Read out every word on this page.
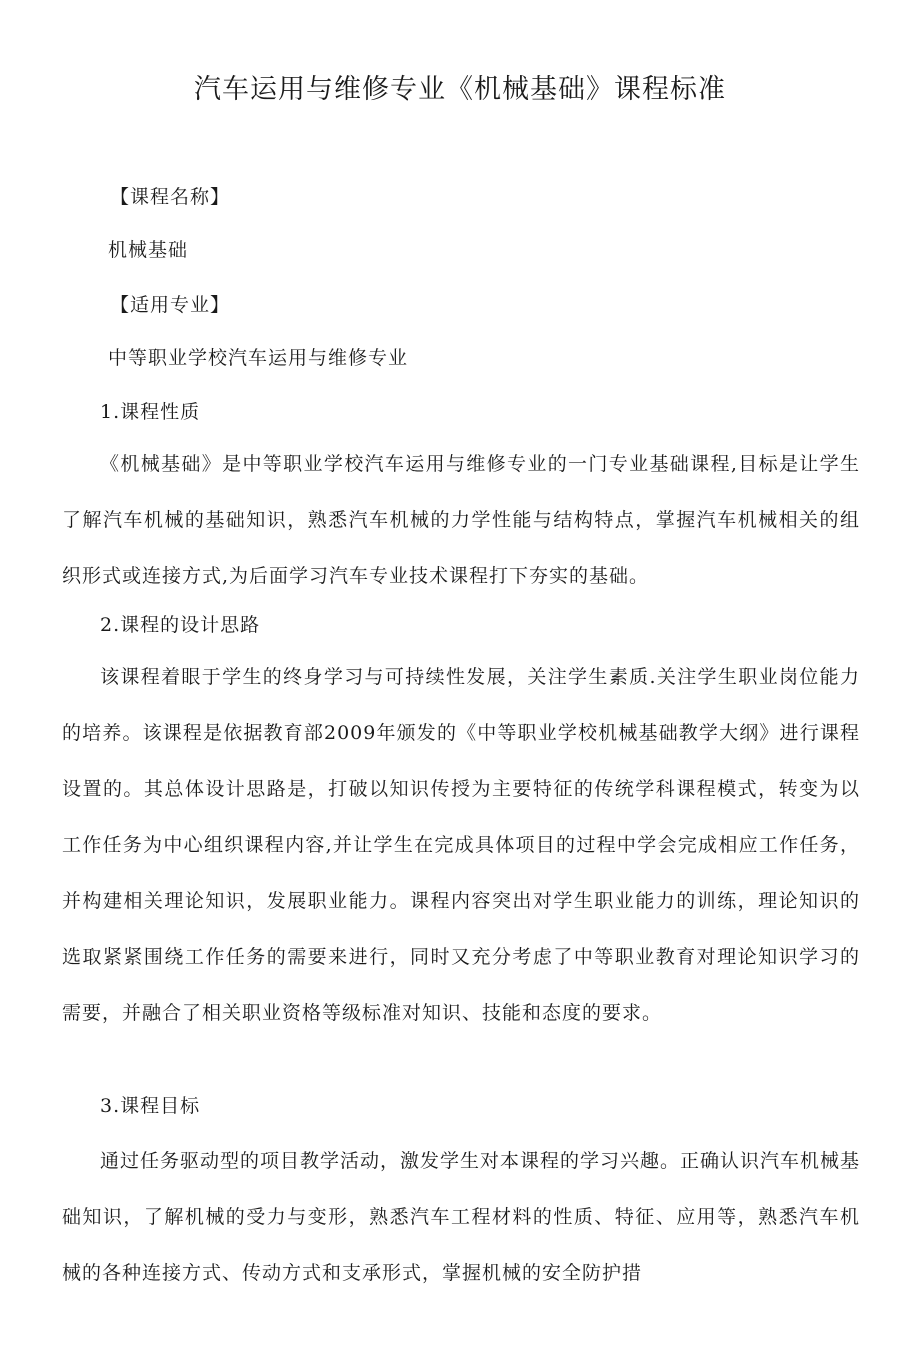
汽车运用与维修专业《机械基础》课程标准

【课程名称】

机械基础

【适用专业】

中等职业学校汽车运用与维修专业

1.课程性质

《机械基础》是中等职业学校汽车运用与维修专业的一门专业基础课程,目标是让学生了解汽车机械的基础知识，熟悉汽车机械的力学性能与结构特点，掌握汽车机械相关的组织形式或连接方式,为后面学习汽车专业技术课程打下夯实的基础。

2.课程的设计思路

该课程着眼于学生的终身学习与可持续性发展，关注学生素质.关注学生职业岗位能力的培养。该课程是依据教育部2009年颁发的《中等职业学校机械基础教学大纲》进行课程设置的。其总体设计思路是，打破以知识传授为主要特征的传统学科课程模式，转变为以工作任务为中心组织课程内容,并让学生在完成具体项目的过程中学会完成相应工作任务，并构建相关理论知识，发展职业能力。课程内容突出对学生职业能力的训练，理论知识的选取紧紧围绕工作任务的需要来进行，同时又充分考虑了中等职业教育对理论知识学习的需要，并融合了相关职业资格等级标准对知识、技能和态度的要求。

3.课程目标

通过任务驱动型的项目教学活动，激发学生对本课程的学习兴趣。正确认识汽车机械基础知识，了解机械的受力与变形，熟悉汽车工程材料的性质、特征、应用等，熟悉汽车机械的各种连接方式、传动方式和支承形式，掌握机械的安全防护措
